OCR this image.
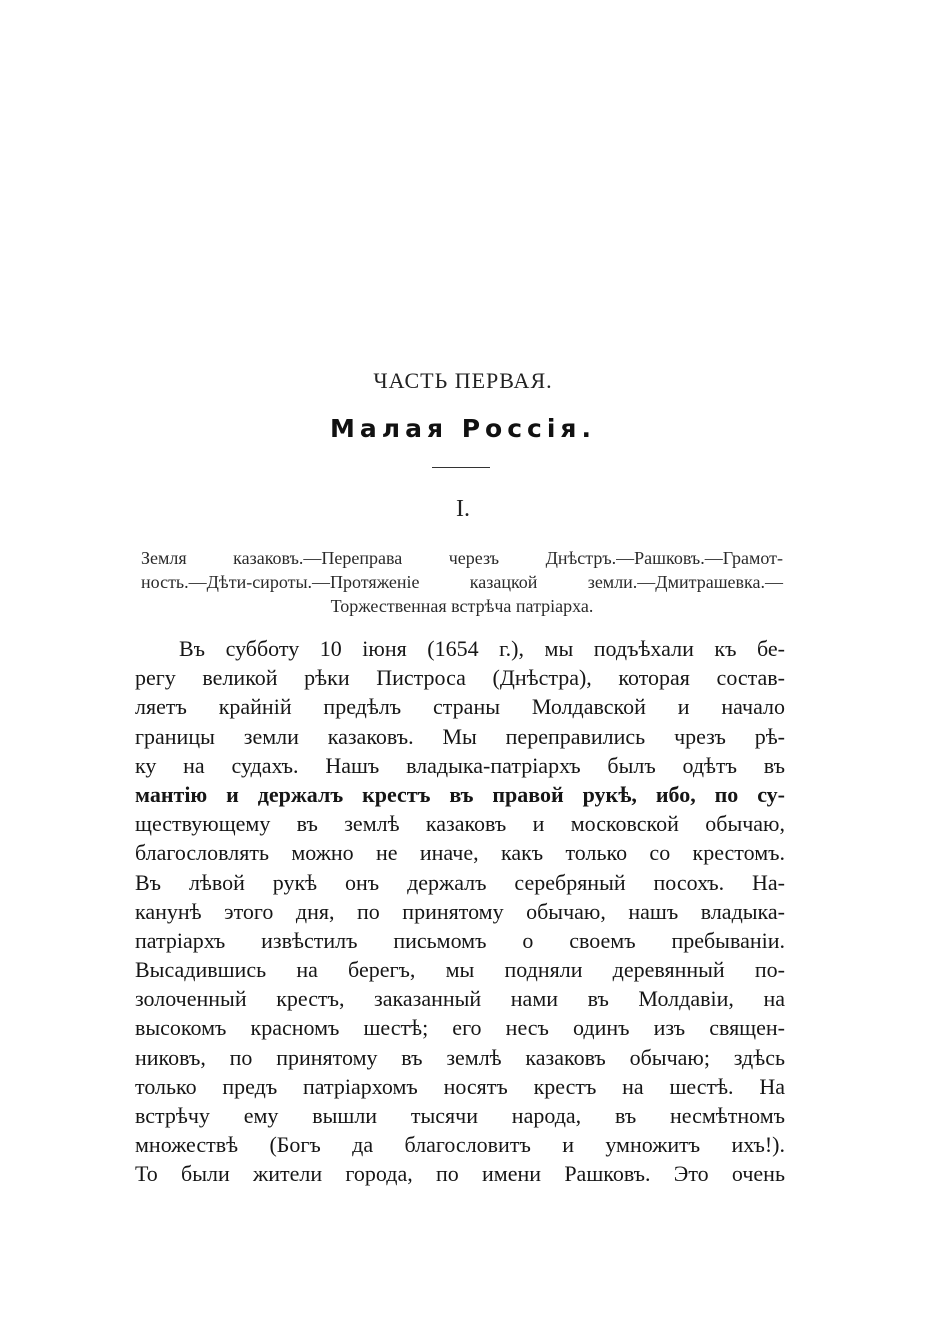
ЧАСТЬ ПЕРВАЯ.
Малая Россія.
I.
Земля казаковъ.—Переправа черезъ Днѣстръ.—Рашковъ.—Грамот-
ность.—Дѣти-сироты.—Протяженіе казацкой земли.—Дмитрашевка.—
Торжественная встрѣча патріарха.
Въ субботу 10 іюня (1654 г.), мы подъѣхали къ бе-
регу великой рѣки Пистроса (Днѣстра), которая состав-
ляетъ крайній предѣлъ страны Молдавской и начало
границы земли казаковъ. Мы переправились чрезъ рѣ-
ку на судахъ. Нашъ владыка-патріархъ былъ одѣтъ въ
мантію и держалъ крестъ въ правой рукѣ, ибо, по су-
ществующему въ землѣ казаковъ и московской обычаю,
благословлять можно не иначе, какъ только со крестомъ.
Въ лѣвой рукѣ онъ держалъ серебряный посохъ. На-
канунѣ этого дня, по принятому обычаю, нашъ владыка-
патріархъ извѣстилъ письмомъ о своемъ пребываніи.
Высадившись на берегъ, мы подняли деревянный по-
золоченный крестъ, заказанный нами въ Молдавіи, на
высокомъ красномъ шестѣ; его несъ одинъ изъ священ-
никовъ, по принятому въ землѣ казаковъ обычаю; здѣсь
только предъ патріархомъ носятъ крестъ на шестѣ. На
встрѣчу ему вышли тысячи народа, въ несмѣтномъ
множествѣ (Богъ да благословитъ и умножитъ ихъ!).
То были жители города, по имени Рашковъ. Это очень
